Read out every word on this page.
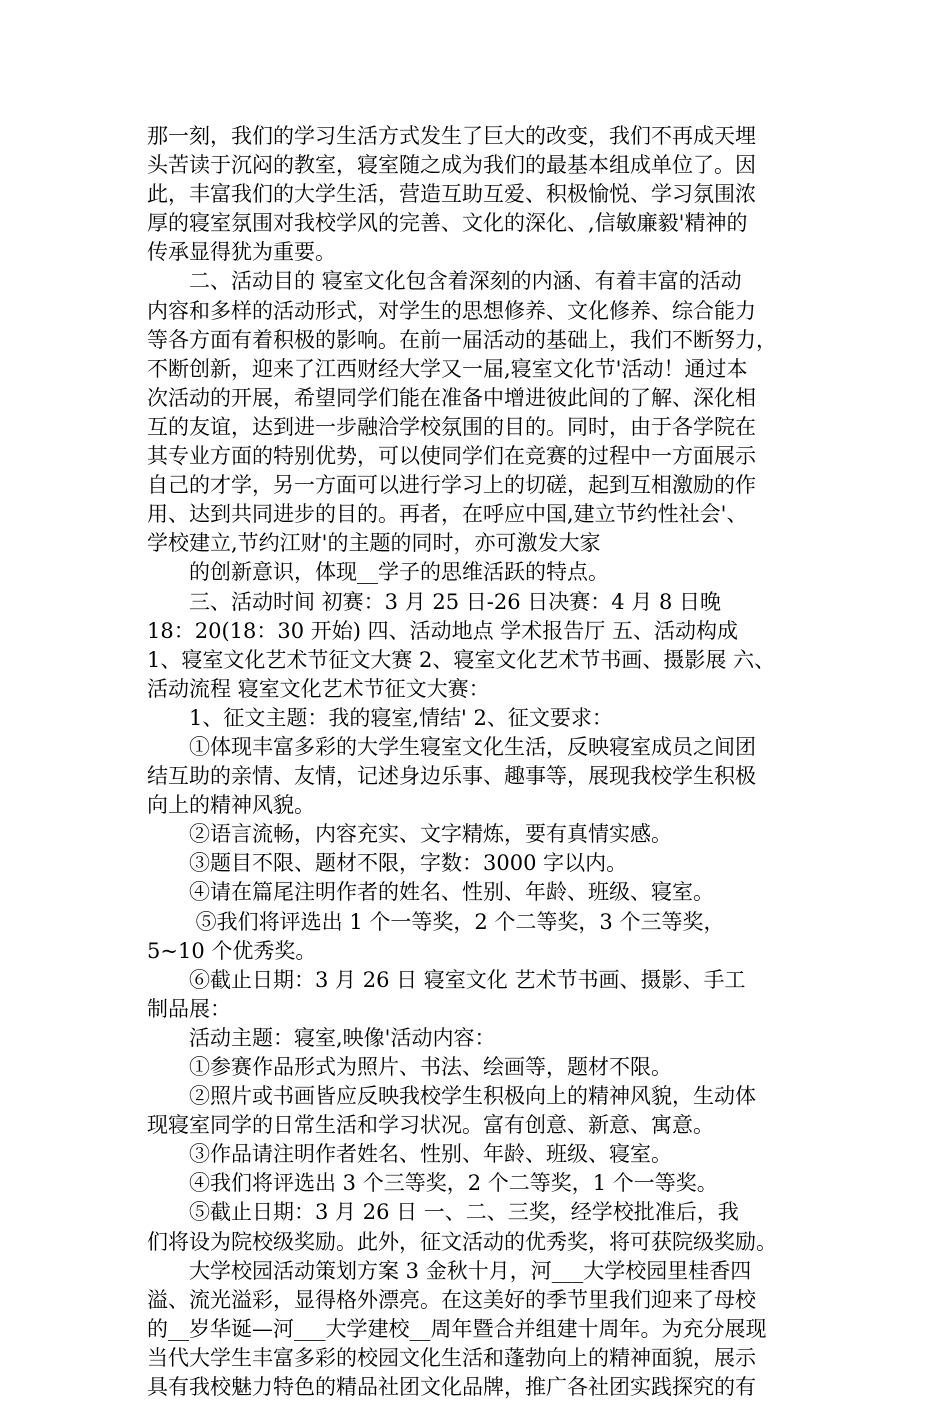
那一刻，我们的学习生活方式发生了巨大的改变，我们不再成天埋
头苦读于沉闷的教室，寝室随之成为我们的最基本组成单位了。因
此，丰富我们的大学生活，营造互助互爱、积极愉悦、学习氛围浓
厚的寝室氛围对我校学风的完善、文化的深化、,信敏廉毅'精神的
传承显得犹为重要。
　　二、活动目的 寝室文化包含着深刻的内涵、有着丰富的活动
内容和多样的活动形式，对学生的思想修养、文化修养、综合能力
等各方面有着积极的影响。在前一届活动的基础上，我们不断努力，
不断创新，迎来了江西财经大学又一届,寝室文化节'活动！通过本
次活动的开展，希望同学们能在准备中增进彼此间的了解、深化相
互的友谊，达到进一步融洽学校氛围的目的。同时，由于各学院在
其专业方面的特别优势，可以使同学们在竞赛的过程中一方面展示
自己的才学，另一方面可以进行学习上的切磋，起到互相激励的作
用、达到共同进步的目的。再者，在呼应中国,建立节约性社会'、
学校建立,节约江财'的主题的同时，亦可激发大家
　　的创新意识，体现__学子的思维活跃的特点。
　　三、活动时间 初赛：3 月 25 日-26 日决赛：4 月 8 日晚
18：20(18：30 开始) 四、活动地点 学术报告厅 五、活动构成
1、寝室文化艺术节征文大赛 2、寝室文化艺术节书画、摄影展 六、
活动流程 寝室文化艺术节征文大赛：
　　1、征文主题：我的寝室,情结' 2、征文要求：
　　①体现丰富多彩的大学生寝室文化生活，反映寝室成员之间团
结互助的亲情、友情，记述身边乐事、趣事等，展现我校学生积极
向上的精神风貌。
　　②语言流畅，内容充实、文字精炼，要有真情实感。
　　③题目不限、题材不限，字数：3000 字以内。
　　④请在篇尾注明作者的姓名、性别、年龄、班级、寝室。
　　 ⑤我们将评选出 1 个一等奖，2 个二等奖，3 个三等奖，
5~10 个优秀奖。
　　⑥截止日期：3 月 26 日 寝室文化 艺术节书画、摄影、手工
制品展：
　　活动主题：寝室,映像'活动内容：
　　①参赛作品形式为照片、书法、绘画等，题材不限。
　　②照片或书画皆应反映我校学生积极向上的精神风貌，生动体
现寝室同学的日常生活和学习状况。富有创意、新意、寓意。
　　③作品请注明作者姓名、性别、年龄、班级、寝室。
　　④我们将评选出 3 个三等奖，2 个二等奖，1 个一等奖。
　　⑤截止日期：3 月 26 日 一、二、三奖，经学校批准后，我
们将设为院校级奖励。此外，征文活动的优秀奖，将可获院级奖励。
　　大学校园活动策划方案 3 金秋十月，河___大学校园里桂香四
溢、流光溢彩，显得格外漂亮。在这美好的季节里我们迎来了母校
的__岁华诞—河___大学建校__周年暨合并组建十周年。为充分展现
当代大学生丰富多彩的校园文化生活和蓬勃向上的精神面貌，展示
具有我校魅力特色的精品社团文化品牌，推广各社团实践探究的有
